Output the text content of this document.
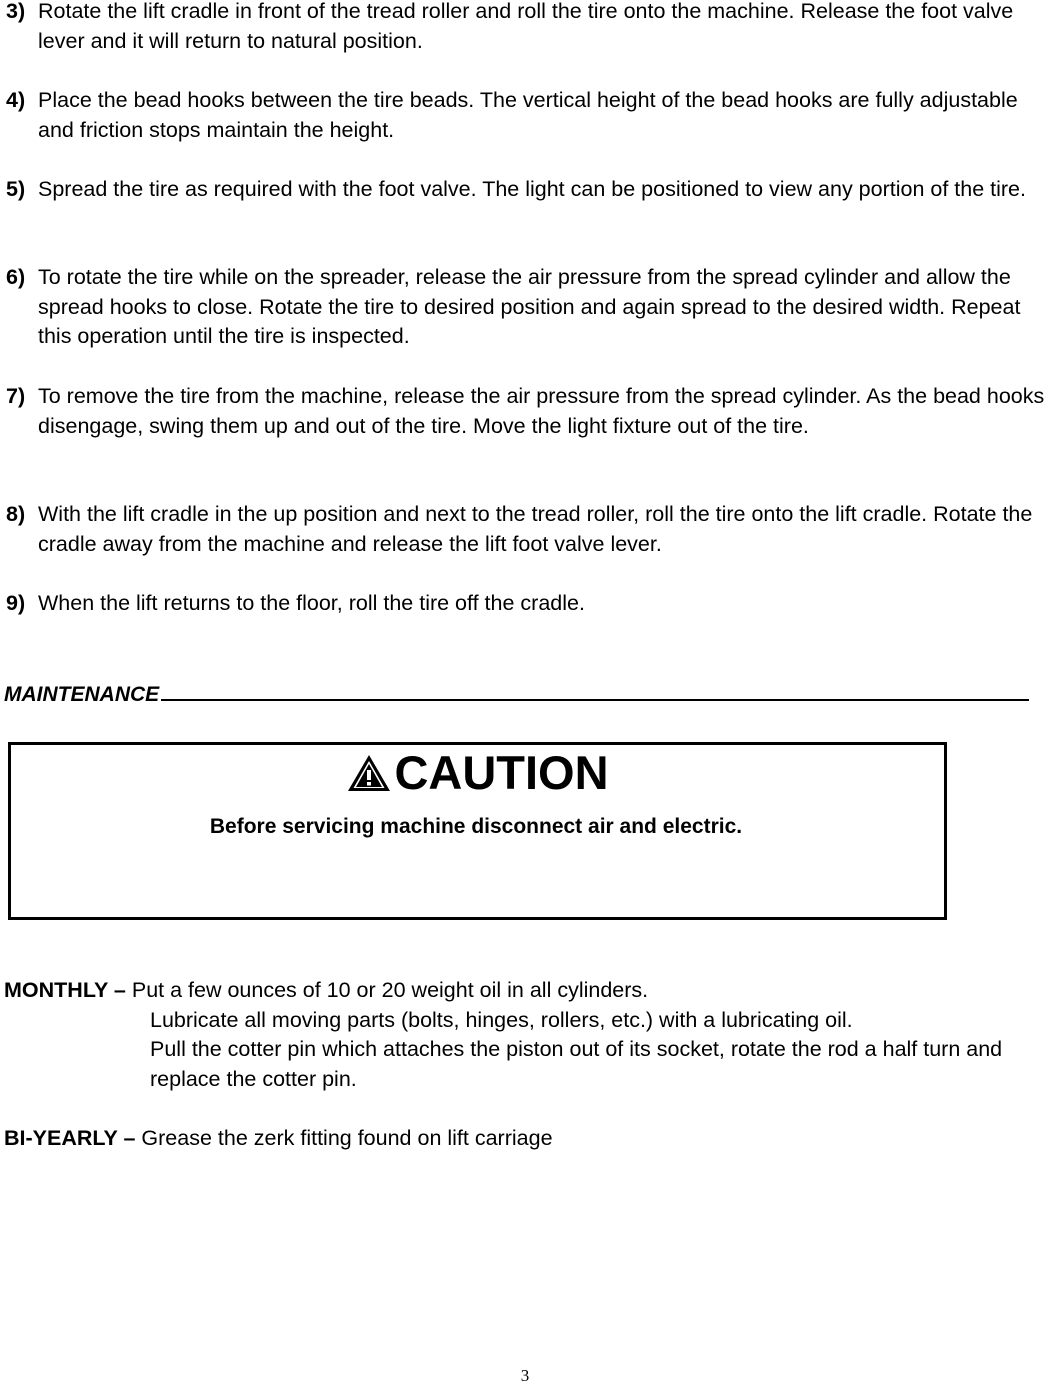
3) Rotate the lift cradle in front of the tread roller and roll the tire onto the machine. Release the foot valve lever and it will return to natural position.
4) Place the bead hooks between the tire beads. The vertical height of the bead hooks are fully adjustable and friction stops maintain the height.
5) Spread the tire as required with the foot valve. The light can be positioned to view any portion of the tire.
6) To rotate the tire while on the spreader, release the air pressure from the spread cylinder and allow the spread hooks to close. Rotate the tire to desired position and again spread to the desired width. Repeat this operation until the tire is inspected.
7) To remove the tire from the machine, release the air pressure from the spread cylinder. As the bead hooks disengage, swing them up and out of the tire. Move the light fixture out of the tire.
8) With the lift cradle in the up position and next to the tread roller, roll the tire onto the lift cradle. Rotate the cradle away from the machine and release the lift foot valve lever.
9) When the lift returns to the floor, roll the tire off the cradle.
MAINTENANCE
CAUTION
Before servicing machine disconnect air and electric.
MONTHLY – Put a few ounces of 10 or 20 weight oil in all cylinders.
Lubricate all moving parts (bolts, hinges, rollers, etc.) with a lubricating oil.
Pull the cotter pin which attaches the piston out of its socket, rotate the rod a half turn and replace the cotter pin.
BI-YEARLY – Grease the zerk fitting found on lift carriage
3
